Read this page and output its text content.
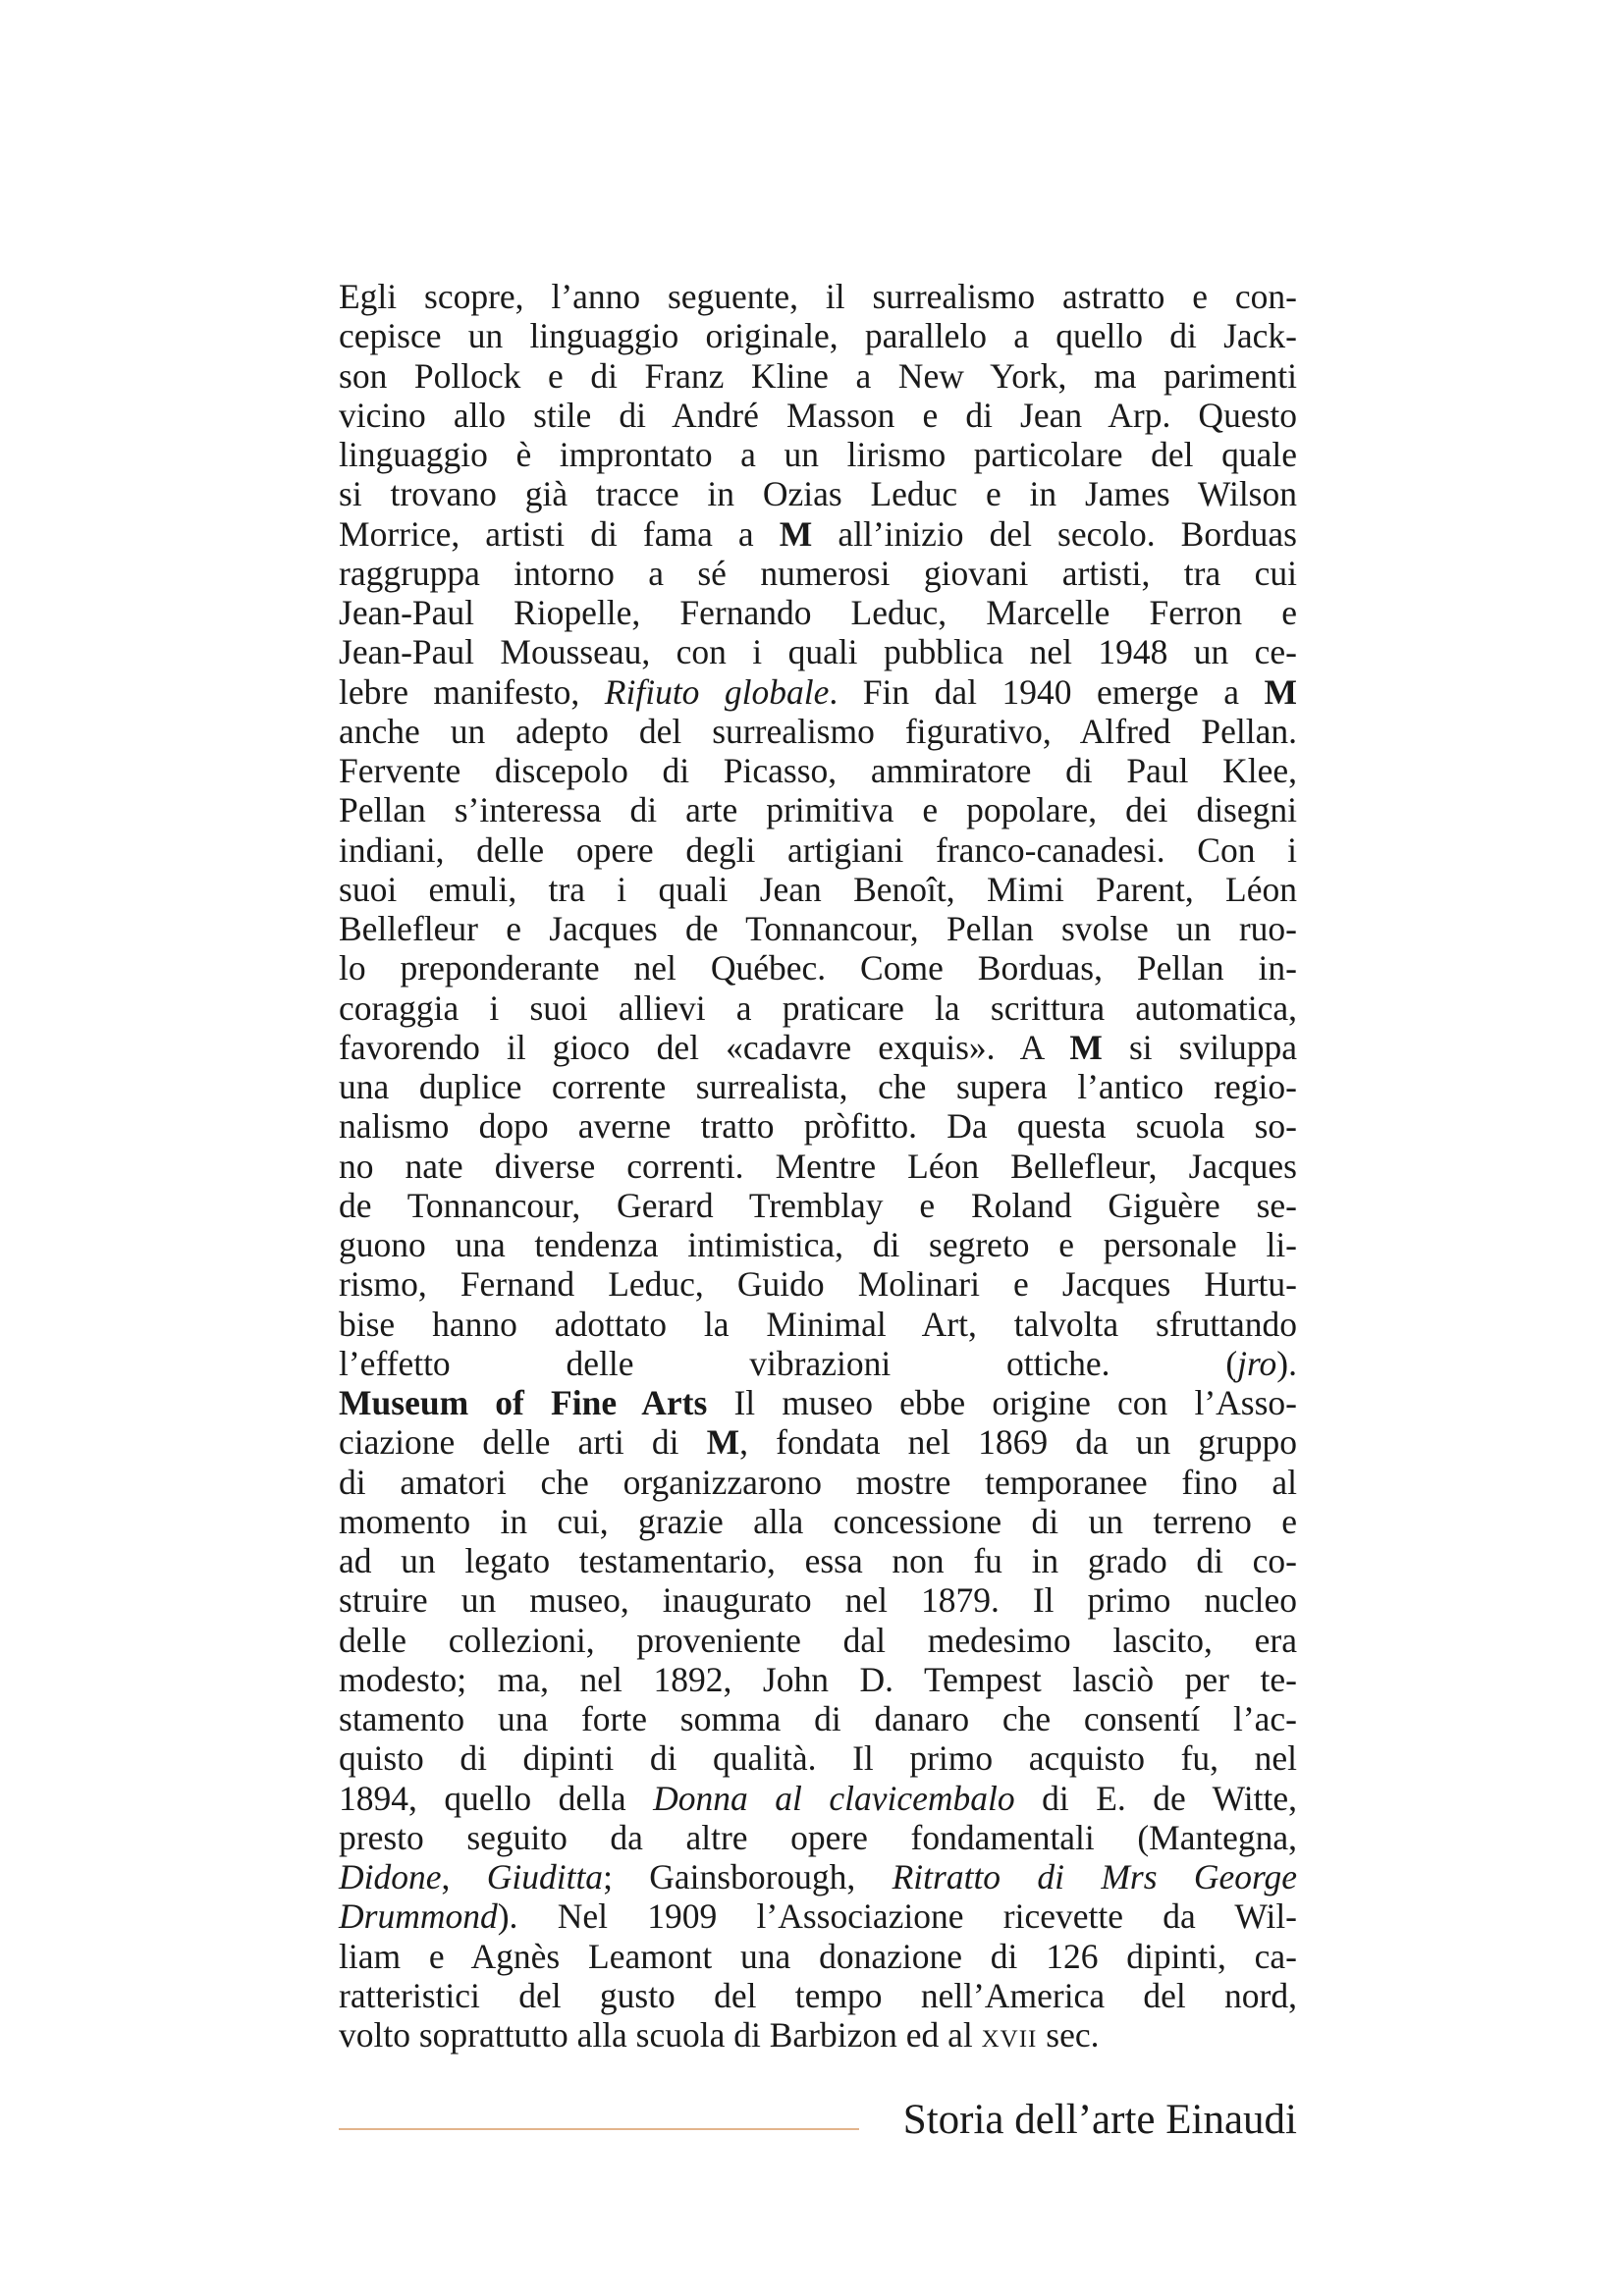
Egli scopre, l’anno seguente, il surrealismo astratto e con-
cepisce un linguaggio originale, parallelo a quello di Jack-
son Pollock e di Franz Kline a New York, ma parimenti
vicino allo stile di André Masson e di Jean Arp. Questo
linguaggio è improntato a un lirismo particolare del quale
si trovano già tracce in Ozias Leduc e in James Wilson
Morrice, artisti di fama a M all’inizio del secolo. Borduas
raggruppa intorno a sé numerosi giovani artisti, tra cui
Jean-Paul Riopelle, Fernando Leduc, Marcelle Ferron e
Jean-Paul Mousseau, con i quali pubblica nel 1948 un ce-
lebre manifesto, Rifiuto globale. Fin dal 1940 emerge a M
anche un adepto del surrealismo figurativo, Alfred Pellan.
Fervente discepolo di Picasso, ammiratore di Paul Klee,
Pellan s’interessa di arte primitiva e popolare, dei disegni
indiani, delle opere degli artigiani franco-canadesi. Con i
suoi emuli, tra i quali Jean Benoît, Mimi Parent, Léon
Bellefleur e Jacques de Tonnancour, Pellan svolse un ruo-
lo preponderante nel Québec. Come Borduas, Pellan in-
coraggia i suoi allievi a praticare la scrittura automatica,
favorendo il gioco del «cadavre exquis». A M si sviluppa
una duplice corrente surrealista, che supera l’antico regio-
nalismo dopo averne tratto pròfitto. Da questa scuola so-
no nate diverse correnti. Mentre Léon Bellefleur, Jacques
de Tonnancour, Gerard Tremblay e Roland Giguère se-
guono una tendenza intimistica, di segreto e personale li-
rismo, Fernand Leduc, Guido Molinari e Jacques Hurtu-
bise hanno adottato la Minimal Art, talvolta sfruttando
l’effetto delle vibrazioni ottiche. (jro).
Museum of Fine Arts Il museo ebbe origine con l’Asso-
ciazione delle arti di M, fondata nel 1869 da un gruppo
di amatori che organizzarono mostre temporanee fino al
momento in cui, grazie alla concessione di un terreno e
ad un legato testamentario, essa non fu in grado di co-
struire un museo, inaugurato nel 1879. Il primo nucleo
delle collezioni, proveniente dal medesimo lascito, era
modesto; ma, nel 1892, John D. Tempest lasciò per te-
stamento una forte somma di danaro che consentí l’ac-
quisto di dipinti di qualità. Il primo acquisto fu, nel
1894, quello della Donna al clavicembalo di E. de Witte,
presto seguito da altre opere fondamentali (Mantegna,
Didone, Giuditta; Gainsborough, Ritratto di Mrs George
Drummond). Nel 1909 l’Associazione ricevette da Wil-
liam e Agnès Leamont una donazione di 126 dipinti, ca-
ratteristici del gusto del tempo nell’America del nord,
volto soprattutto alla scuola di Barbizon ed al xvii sec.
Storia dell’arte Einaudi
